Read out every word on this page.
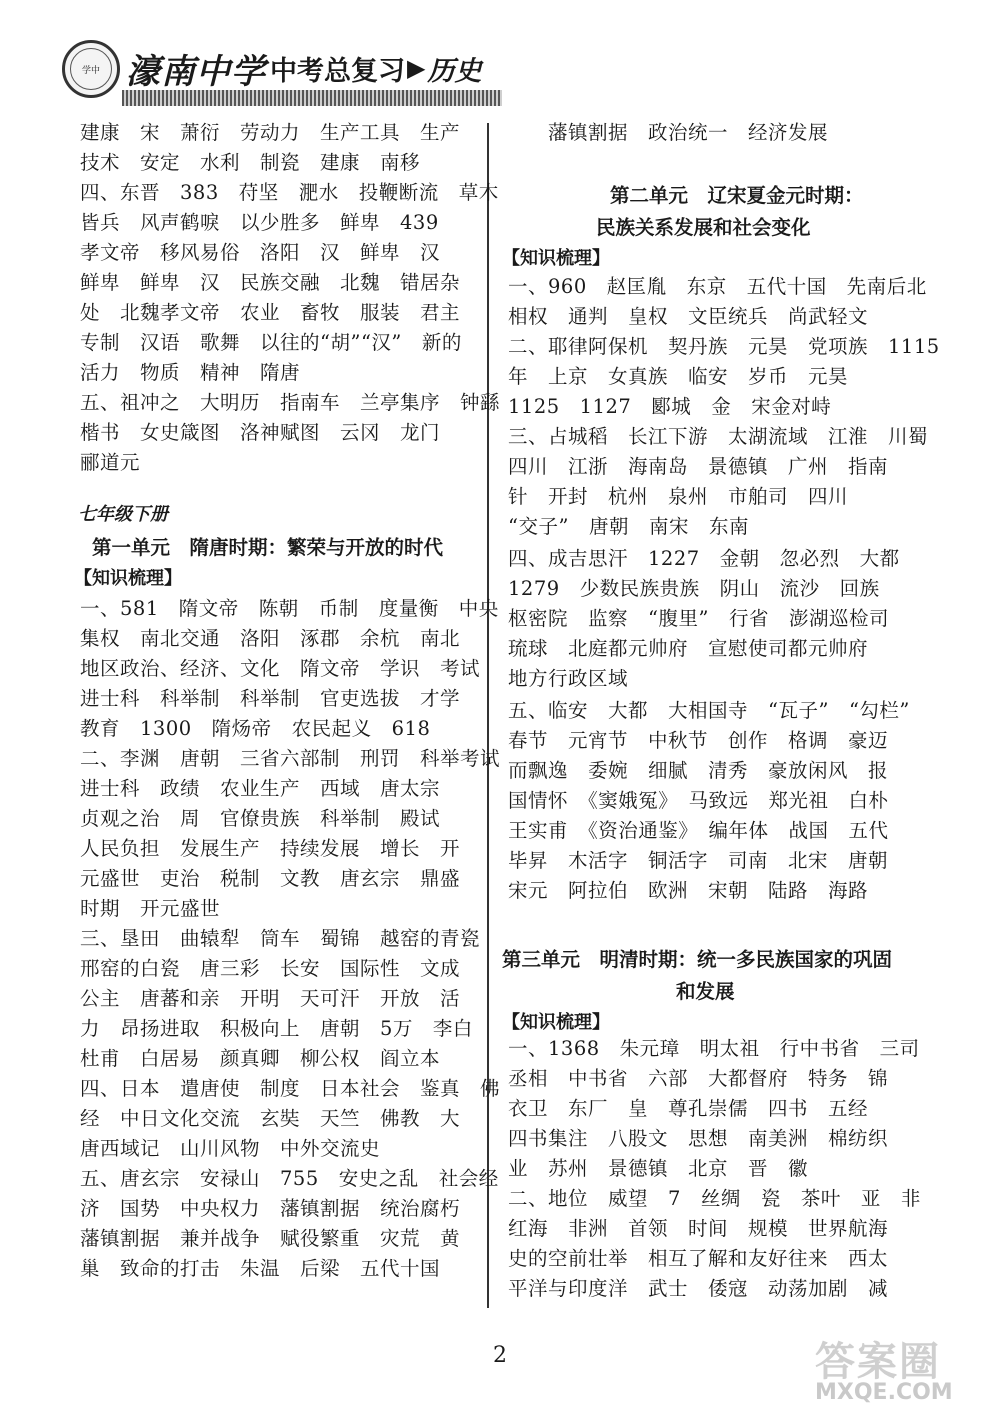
学中 濠南中学 中考总复习 ▶ 历史
建康　宋　萧衍　劳动力　生产工具　生产
技术　安定　水利　制瓷　建康　南移
四、东晋　383　苻坚　淝水　投鞭断流　草木
皆兵　风声鹤唳　以少胜多　鲜卑　439
孝文帝　移风易俗　洛阳　汉　鲜卑　汉
鲜卑　鲜卑　汉　民族交融　北魏　错居杂
处　北魏孝文帝　农业　畜牧　服装　君主
专制　汉语　歌舞　以往的“胡”“汉”　新的
活力　物质　精神　隋唐
五、祖冲之　大明历　指南车　兰亭集序　钟繇
楷书　女史箴图　洛神赋图　云冈　龙门
郦道元
七年级下册
第一单元　隋唐时期：繁荣与开放的时代
【知识梳理】
一、581　隋文帝　陈朝　币制　度量衡　中央
集权　南北交通　洛阳　涿郡　余杭　南北
地区政治、经济、文化　隋文帝　学识　考试
进士科　科举制　科举制　官吏选拔　才学
教育　1300　隋炀帝　农民起义　618
二、李渊　唐朝　三省六部制　刑罚　科举考试
进士科　政绩　农业生产　西域　唐太宗
贞观之治　周　官僚贵族　科举制　殿试
人民负担　发展生产　持续发展　增长　开
元盛世　吏治　税制　文教　唐玄宗　鼎盛
时期　开元盛世
三、垦田　曲辕犁　筒车　蜀锦　越窑的青瓷
邢窑的白瓷　唐三彩　长安　国际性　文成
公主　唐蕃和亲　开明　天可汗　开放　活
力　昂扬进取　积极向上　唐朝　5万　李白
杜甫　白居易　颜真卿　柳公权　阎立本
四、日本　遣唐使　制度　日本社会　鉴真　佛
经　中日文化交流　玄奘　天竺　佛教　大
唐西域记　山川风物　中外交流史
五、唐玄宗　安禄山　755　安史之乱　社会经
济　国势　中央权力　藩镇割据　统治腐朽
藩镇割据　兼并战争　赋役繁重　灾荒　黄
巢　致命的打击　朱温　后梁　五代十国
藩镇割据　政治统一　经济发展
第二单元　辽宋夏金元时期：
民族关系发展和社会变化
【知识梳理】
一、960　赵匡胤　东京　五代十国　先南后北
相权　通判　皇权　文臣统兵　尚武轻文
二、耶律阿保机　契丹族　元昊　党项族　1115
年　上京　女真族　临安　岁币　元昊
1125　1127　郾城　金　宋金对峙
三、占城稻　长江下游　太湖流域　江淮　川蜀
四川　江浙　海南岛　景德镇　广州　指南
针　开封　杭州　泉州　市舶司　四川
“交子”　唐朝　南宋　东南
四、成吉思汗　1227　金朝　忽必烈　大都
1279　少数民族贵族　阴山　流沙　回族
枢密院　监察　“腹里”　行省　澎湖巡检司
琉球　北庭都元帅府　宣慰使司都元帅府
地方行政区域
五、临安　大都　大相国寺　“瓦子”　“勾栏”
春节　元宵节　中秋节　创作　格调　豪迈
而飘逸　委婉　细腻　清秀　豪放闲风　报
国情怀　《窦娥冤》　马致远　郑光祖　白朴
王实甫　《资治通鉴》　编年体　战国　五代
毕昇　木活字　铜活字　司南　北宋　唐朝
宋元　阿拉伯　欧洲　宋朝　陆路　海路
第三单元　明清时期：统一多民族国家的巩固
和发展
【知识梳理】
一、1368　朱元璋　明太祖　行中书省　三司
丞相　中书省　六部　大都督府　特务　锦
衣卫　东厂　皇　尊孔崇儒　四书　五经
四书集注　八股文　思想　南美洲　棉纺织
业　苏州　景德镇　北京　晋　徽
二、地位　威望　7　丝绸　瓷　茶叶　亚　非
红海　非洲　首领　时间　规模　世界航海
史的空前壮举　相互了解和友好往来　西太
平洋与印度洋　武士　倭寇　动荡加剧　减
2	答案圈
MXQE.COM
